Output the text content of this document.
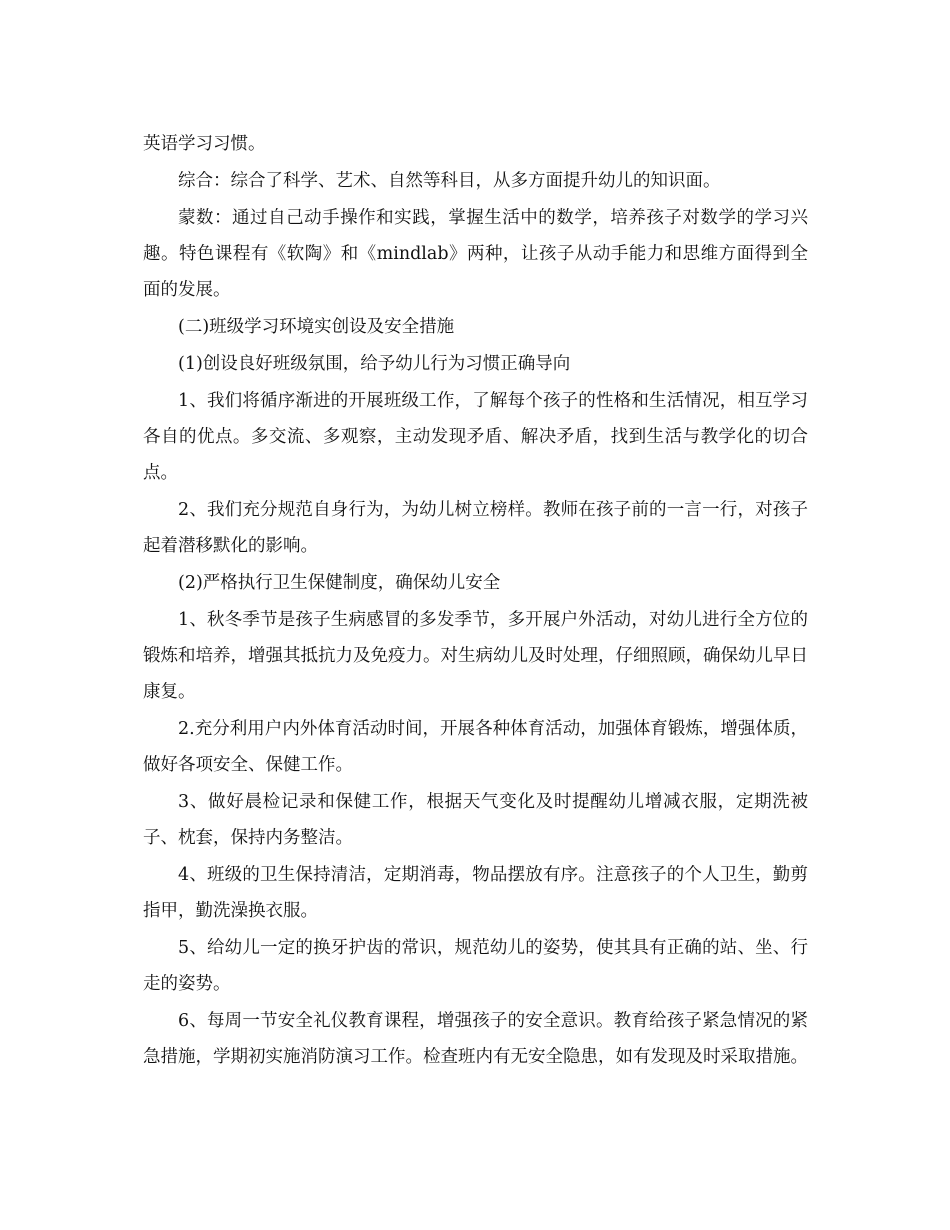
英语学习习惯。

综合：综合了科学、艺术、自然等科目，从多方面提升幼儿的知识面。

蒙数：通过自己动手操作和实践，掌握生活中的数学，培养孩子对数学的学习兴趣。特色课程有《软陶》和《mindlab》两种，让孩子从动手能力和思维方面得到全面的发展。

(二)班级学习环境实创设及安全措施

(1)创设良好班级氛围，给予幼儿行为习惯正确导向

1、我们将循序渐进的开展班级工作，了解每个孩子的性格和生活情况，相互学习各自的优点。多交流、多观察，主动发现矛盾、解决矛盾，找到生活与教学化的切合点。

2、我们充分规范自身行为，为幼儿树立榜样。教师在孩子前的一言一行，对孩子起着潜移默化的影响。

(2)严格执行卫生保健制度，确保幼儿安全

1、秋冬季节是孩子生病感冒的多发季节，多开展户外活动，对幼儿进行全方位的锻炼和培养，增强其抵抗力及免疫力。对生病幼儿及时处理，仔细照顾，确保幼儿早日康复。

2.充分利用户内外体育活动时间，开展各种体育活动，加强体育锻炼，增强体质，做好各项安全、保健工作。

3、做好晨检记录和保健工作，根据天气变化及时提醒幼儿增减衣服，定期洗被子、枕套，保持内务整洁。

4、班级的卫生保持清洁，定期消毒，物品摆放有序。注意孩子的个人卫生，勤剪指甲，勤洗澡换衣服。

5、给幼儿一定的换牙护齿的常识，规范幼儿的姿势，使其具有正确的站、坐、行走的姿势。

6、每周一节安全礼仪教育课程，增强孩子的安全意识。教育给孩子紧急情况的紧急措施，学期初实施消防演习工作。检查班内有无安全隐患，如有发现及时采取措施。
